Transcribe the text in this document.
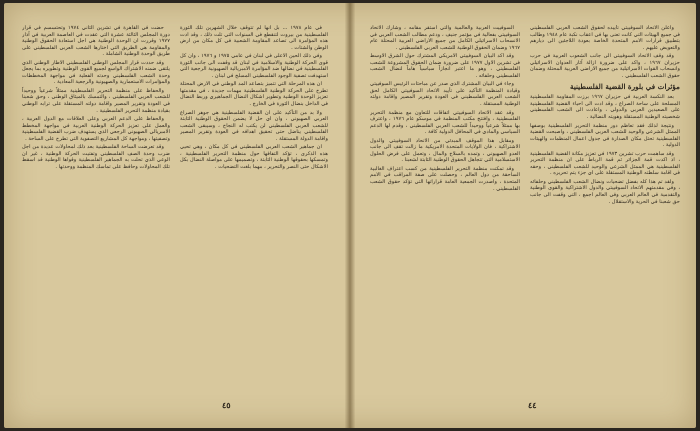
حضت في القاهرة في تشرين الثاني ١٩٧٤ وتحتسسم في قرار دورة المجلس الثالثة عشرة التي عقدت في العاصمة العربية في آذار ١٩٧٧ وقررت ان الوحدة الوطنية هي اجل استعادة الحقوق الوطنية والمقاومة هي الطريق التي اختارها الشعب العربي الفلسطيني على طريق الوحدة الوطنية الشاملة .

وقد حددت قرار المجلس الوطني الفلسطيني الاطار الوطني الذي يلتقي ضمنه الاشتراك الواسع لجميع القوى الوطنية وتطويره بما يجعل وحدة الشعب الفلسطيني وحدته الفعلية في مواجهة المخططات والمؤامرات الاستعمارية والصهيونية والرجعية المعادية .

والحفاظ على منظمة التحرير الفلسطينية ممثلاً شرعياً ووحيداً للشعب العربي الفلسطيني ، والتمسك بالميثاق الوطني ، وحق شعبنا في العودة وتقرير المصير واقامة دولته المستقلة على ترابه الوطني بقيادة منظمة التحرير الفلسطينية .

والحفاظ على الدعم العربي وعلى العلاقات مع الدول العربية ، والعمل على تعزيز الحركة الوطنية العربية في مواجهة المخطط الامبريالي الصهيوني الرجعي الذي يستهدف ضرب القضية الفلسطينية وتصفيتها ، ومواجهة كل المشاريع التصفوية التي تطرح على الساحة .

وقد تعرضت الساحة الفلسطينية بعد ذلك لمحاولات عديدة من اجل ضرب وحدة الصف الفلسطيني وتفتيت الحركة الوطنية ، غير ان الوعي الذي تحلت به الجماهير الفلسطينية وقواها الوطنية قد اسقط تلك المحاولات وحافظ على تماسك المنظمة ووحدتها .

في عام ١٩٧٨ ... بل انها لم تتوقف خلال الشهرين تلك الثورة الفلسطينية من بيروت لتنقطع في السنوات التي تلت ذلك ، وقد ادت هذه المؤامرة الى تصاعد المقاومة الشعبية في كل مكان من ارض الوطن والشتات .

وفي ذلك الحين الاعلى في لبنان في عامي ١٩٧٥ و ١٩٧٦ ، وان كل قوى الحركة الوطنية والاسلامية في لبنان قد وقفت الى جانب الثورة الفلسطينية في نضالها ضد المؤامرة الامبريالية الصهيونية الرجعية التي استهدفت تصفية الوجود الفلسطيني المسلح في لبنان .

ان هذه المرحلة التي تتميز بتصاعد المد الوطني في الارض المحتلة تطرح على الحركة الوطنية الفلسطينية مهمات جديدة ، في مقدمتها تعزيز الوحدة الوطنية وتطوير اشكال النضال الجماهيري وربط النضال في الداخل بنضال الثورة في الخارج .

ولا بد من التأكيد على ان القضية الفلسطينية هي جوهر الصراع العربي الصهيوني ، وان اي حل لا يضمن الحقوق الوطنية الثابتة للشعب العربي الفلسطيني لن يكتب له النجاح ، وسيبقى الشعب الفلسطيني يناضل حتى تحقيق اهدافه في العودة وتقرير المصير واقامة الدولة المستقلة .

ان جماهير الشعب العربي الفلسطيني في كل مكان ، وهي تحيي هذه الذكرى ، تؤكد التفافها حول منظمة التحرير الفلسطينية ، وتمسكها بحقوقها الوطنية الثابتة ، وتصميمها على مواصلة النضال بكل الاشكال حتى النصر والتحرير ، مهما بلغت التضحيات .

٤٥

السوفييت العربية والعالمية والتي استقر مقامه ، وشارك الاتحاد السوفييتي بفعالية في مؤتمر جنيف ، ودعم مطالب الشعب العربي في الانسحاب الاسرائيلي الكامل من جميع الاراضي العربية المحتلة عام ١٩٦٧ وضمان الحقوق الوطنية للشعب العربي الفلسطيني .

وقد اكد البيان السوفييتي الامريكي المشترك حول الشرق الاوسط في تشرين الاول ١٩٧٧ على ضرورة ضمان الحقوق المشروعة للشعب الفلسطيني ، وهو ما اعتبر انجازاً سياسياً هاماً لنضال الشعب الفلسطيني وحلفائه .

وجاء في البيان المشترك الذي صدر عن مباحثات الرئيس السوفييتي وقيادة المنظمة التأكيد على تأييد الاتحاد السوفييتي الكامل لحق الشعب العربي الفلسطيني في العودة وتقرير المصير واقامة دولته الوطنية المستقلة .

وقد عقد الاتحاد السوفييتي اتفاقات للتعاون مع منظمة التحرير الفلسطينية ، وافتتح مكتب المنظمة في موسكو عام ١٩٧٦ ، واعترف بها ممثلاً شرعياً ووحيداً للشعب العربي الفلسطيني ، وقدم لها الدعم السياسي والمادي في المحافل الدولية كافة .

ومقابل هذا الموقف المبدئي من الاتحاد السوفييتي والدول الاشتراكية ، فان الولايات المتحدة الامريكية ما زالت تقف الى جانب العدو الصهيوني ، وتمده بالسلاح والمال ، وتعمل على فرض الحلول الاستسلامية التي تتجاهل الحقوق الوطنية الثابتة لشعبنا .

وقد تمكنت منظمة التحرير الفلسطينية من كسب اعتراف الغالبية الساحقة من دول العالم ، وحصلت على صفة المراقب في الامم المتحدة ، واصدرت الجمعية العامة قراراتها التي تؤكد حقوق الشعب الفلسطيني .

واعلن الاتحاد السوفييتي تأييده لحقوق الشعب العربي الفلسطيني في جميع الهيئات التي كانت تعنى بها في اعقاب نكبة عام ١٩٤٨ وطالب بتطبيق قرارات الامم المتحدة الخاصة بعودة اللاجئين الى ديارهم والتعويض عليهم .

وقد وقف الاتحاد السوفييتي الى جانب الشعوب العربية في حرب حزيران ١٩٦٧ ، واكد على ضرورة ازالة آثار العدوان الاسرائيلي وانسحاب القوات الاسرائيلية من جميع الاراضي العربية المحتلة وضمان حقوق الشعب الفلسطيني .

مؤثرات في بلورة القضية الفلسطينية

بعد النكسة العربية في حزيران ١٩٦٧ برزت المقاومة الفلسطينية المسلحة على ساحة الصراع ، وقد ادت الى احياء القضية الفلسطينية على الصعيدين العربي والدولي ، واعادت الى الشعب الفلسطيني شخصيته الوطنية المستقلة وهويته النضالية .

ونتيجة لذلك فقد تعاظم دور منظمة التحرير الفلسطينية بوصفها الممثل الشرعي والوحيد للشعب العربي الفلسطيني ، واصبحت القضية الفلسطينية تحتل مكان الصدارة في جدول اعمال المنظمات والهيئات الدولية .

وقد ساهمت حرب تشرين ١٩٧٣ في تعزيز مكانة القضية الفلسطينية ، اذ اكدت قمة الجزائر ثم قمة الرباط على ان منظمة التحرير الفلسطينية هي الممثل الشرعي والوحيد للشعب الفلسطيني ، وحقه في اقامة سلطته الوطنية المستقلة على اي جزء يتم تحريره .

ولقد تم هذا كله بفضل تضحيات ونضال الشعب الفلسطيني وحلفائه ، وفي مقدمتهم الاتحاد السوفييتي والدول الاشتراكية والقوى الوطنية والتقدمية في العالم العربي وفي العالم اجمع ، التي وقفت الى جانب حق شعبنا في الحرية والاستقلال .

٤٤
